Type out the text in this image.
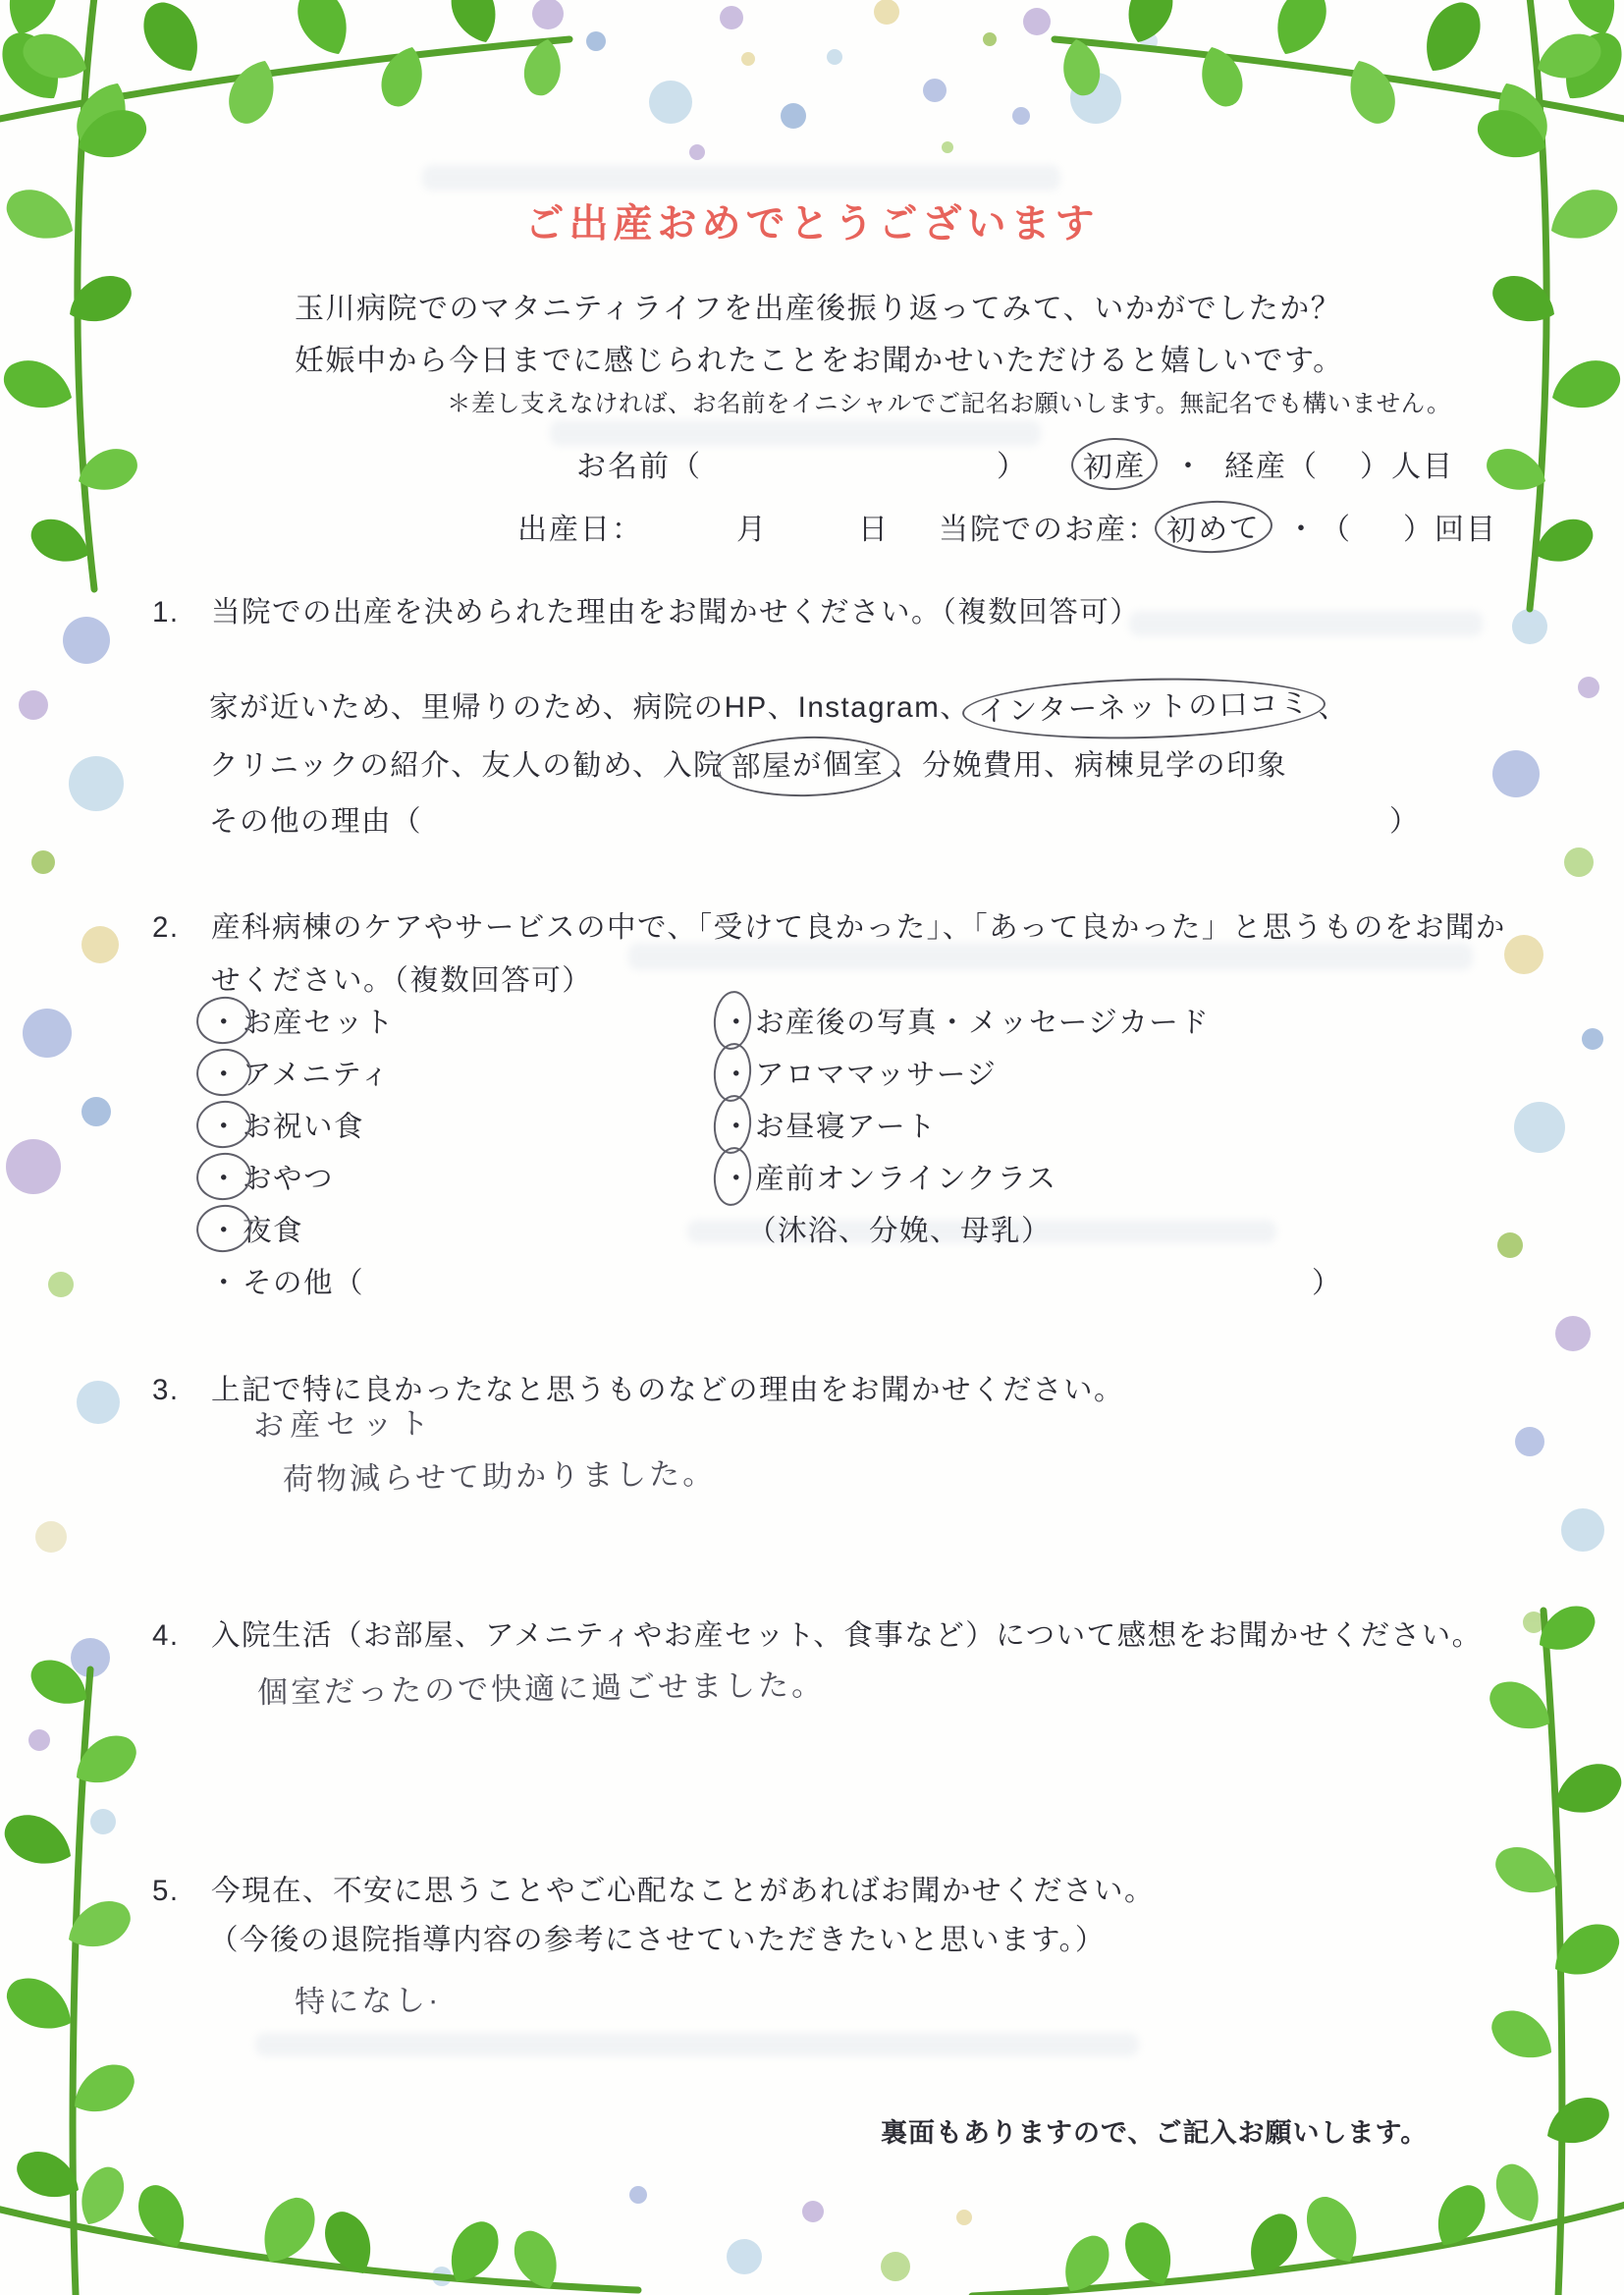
ご出産おめでとうございます
玉川病院でのマタニティライフを出産後振り返ってみて、いかがでしたか？
妊娠中から今日までに感じられたことをお聞かせいただけると嬉しいです。
＊差し支えなければ、お名前をイニシャルでご記名お願いします。無記名でも構いません。
お名前（	） 初産 ・ 経産（ ）人目
出産日：	月	日 当院でのお産： 初めて ・ （ ）回目
1. 当院での出産を決められた理由をお聞かせください。（複数回答可）
家が近いため、里帰りのため、病院のHP、Instagram、 インターネットの口コミ 、
クリニックの紹介、友人の勧め、入院 部屋が個室 、分娩費用、病棟見学の印象
その他の理由（	）
2. 産科病棟のケアやサービスの中で、「受けて良かった」、「あって良かった」と思うものをお聞か
せください。（複数回答可）
・ お産セット
・ アメニティ
・ お祝い食
・ おやつ
・ 夜食
・ その他（	）
・ お産後の写真・メッセージカード
・ アロママッサージ
・ お昼寝アート
・ 産前オンラインクラス
（沐浴、分娩、母乳）
3. 上記で特に良かったなと思うものなどの理由をお聞かせください。
お産セット
荷物減らせて助かりました。
4. 入院生活（お部屋、アメニティやお産セット、食事など）について感想をお聞かせください。
個室だったので快適に過ごせました。
5. 今現在、不安に思うことやご心配なことがあればお聞かせください。
（今後の退院指導内容の参考にさせていただきたいと思います。）
特になし·
裏面もありますので、ご記入お願いします。
